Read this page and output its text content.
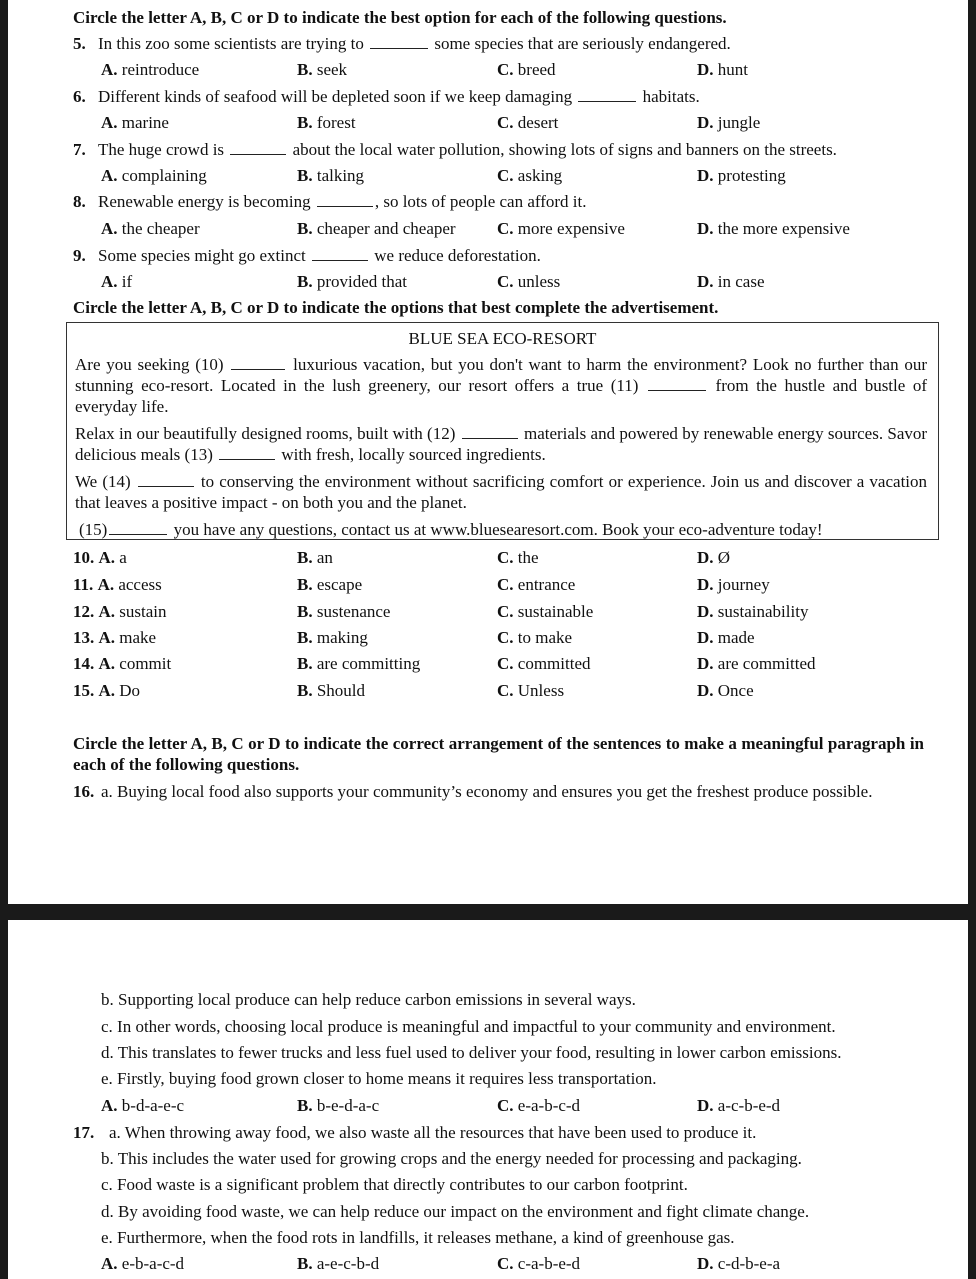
Circle the letter A, B, C or D to indicate the best option for each of the following questions.
5. In this zoo some scientists are trying to	some species that are seriously endangered.
A. reintroduce	B. seek	C. breed	D. hunt
6. Different kinds of seafood will be depleted soon if we keep damaging	habitats.
A. marine	B. forest	C. desert	D. jungle
7. The huge crowd is	about the local water pollution, showing lots of signs and banners on the streets.
A. complaining	B. talking	C. asking	D. protesting
8. Renewable energy is becoming	, so lots of people can afford it.
A. the cheaper	B. cheaper and cheaper C. more expensive	D. the more expensive
9. Some species might go extinct	we reduce deforestation.
A. if	B. provided that	C. unless	D. in case
Circle the letter A, B, C or D to indicate the options that best complete the advertisement.
BLUE SEA ECO-RESORT
Are you seeking (10)	luxurious vacation, but you don't want to harm the environment? Look no further than our stunning eco-resort. Located in the lush greenery, our resort offers a true (11)	from the hustle and bustle of everyday life.
Relax in our beautifully designed rooms, built with (12)	materials and powered by renewable energy sources. Savor delicious meals (13)	with fresh, locally sourced ingredients.
We (14)	to conserving the environment without sacrificing comfort or experience. Join us and discover a vacation that leaves a positive impact - on both you and the planet.
(15)	you have any questions, contact us at www.bluesearesort.com. Book your eco-adventure today!
10. A. a	B. an	C. the	D. Ø
11. A. access	B. escape	C. entrance	D. journey
12. A. sustain	B. sustenance	C. sustainable	D. sustainability
13. A. make	B. making	C. to make	D. made
14. A. commit	B. are committing	C. committed	D. are committed
15. A. Do	B. Should	C. Unless	D. Once
Circle the letter A, B, C or D to indicate the correct arrangement of the sentences to make a meaningful paragraph in each of the following questions.
16. a. Buying local food also supports your community’s economy and ensures you get the freshest produce possible.
b. Supporting local produce can help reduce carbon emissions in several ways.
c. In other words, choosing local produce is meaningful and impactful to your community and environment.
d. This translates to fewer trucks and less fuel used to deliver your food, resulting in lower carbon emissions.
e. Firstly, buying food grown closer to home means it requires less transportation.
A. b-d-a-e-c	B. b-e-d-a-c	C. e-a-b-c-d	D. a-c-b-e-d
17. a. When throwing away food, we also waste all the resources that have been used to produce it.
b. This includes the water used for growing crops and the energy needed for processing and packaging.
c. Food waste is a significant problem that directly contributes to our carbon footprint.
d. By avoiding food waste, we can help reduce our impact on the environment and fight climate change.
e. Furthermore, when the food rots in landfills, it releases methane, a kind of greenhouse gas.
A. e-b-a-c-d	B. a-e-c-b-d	C. c-a-b-e-d	D. c-d-b-e-a
